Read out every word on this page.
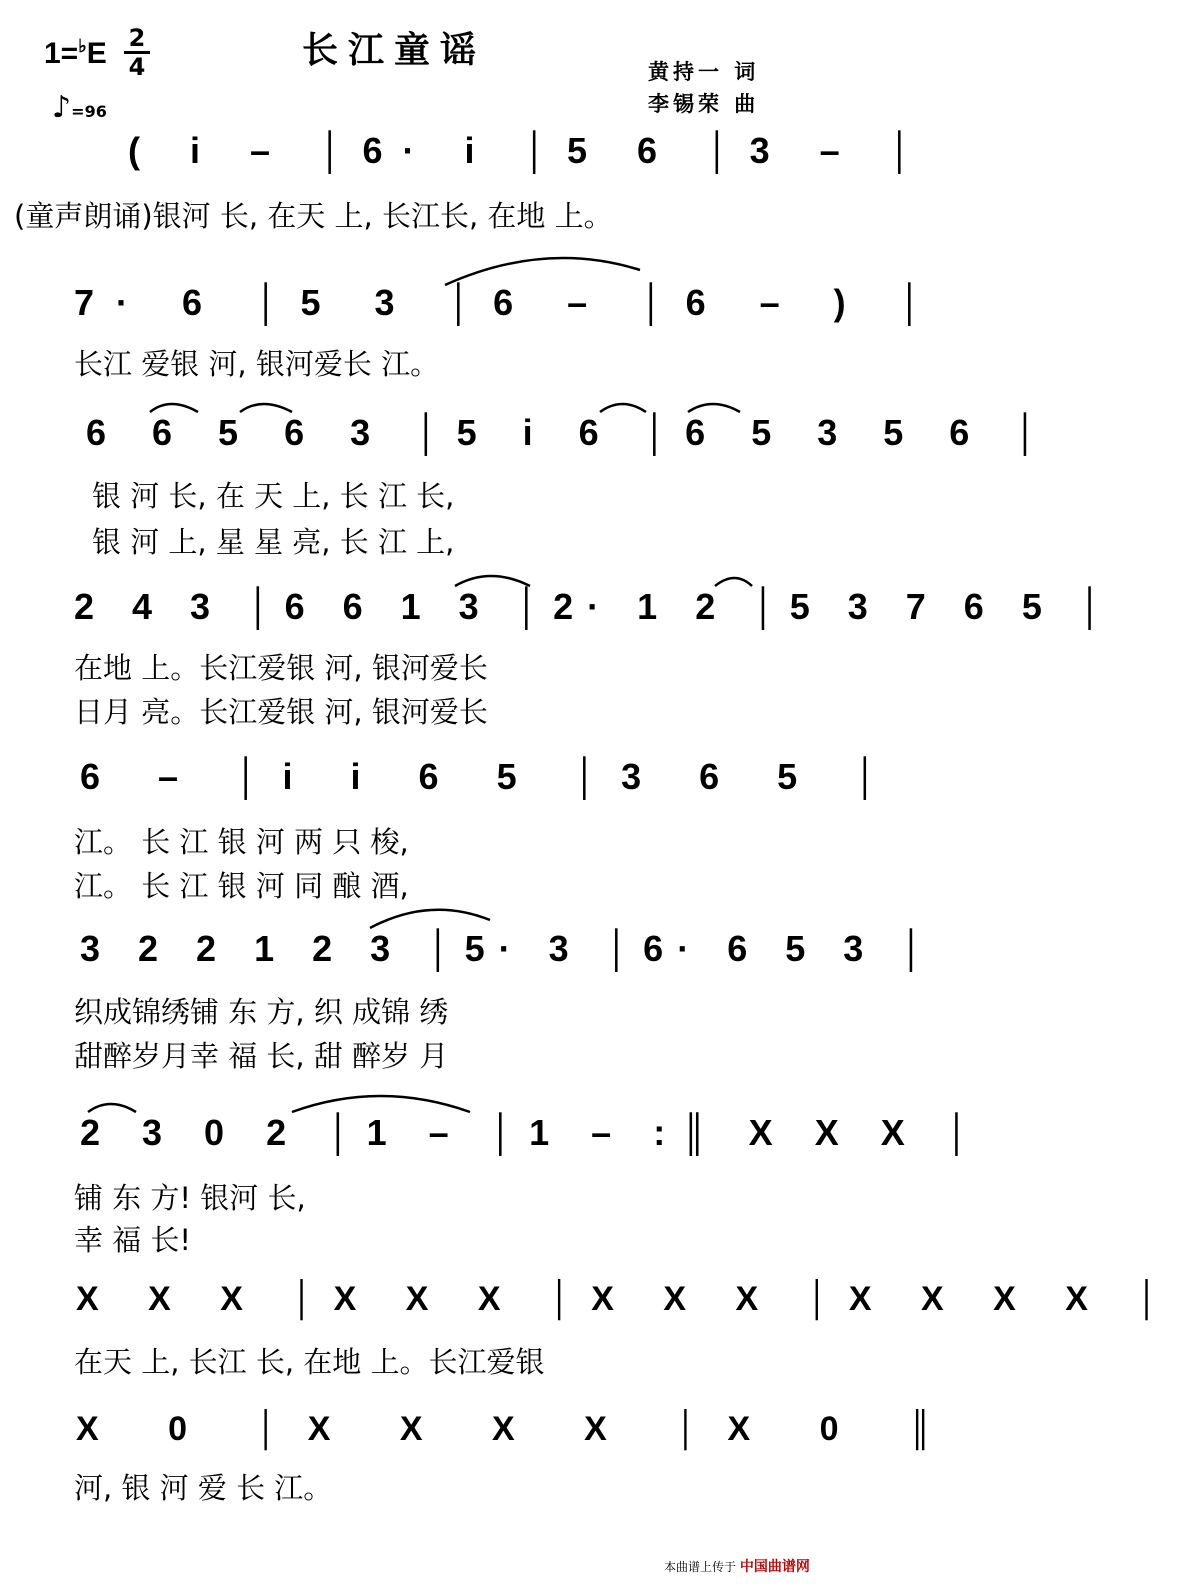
1=♭E 2
4
♪=96
长江童谣
黄持一 词
李锡荣 曲
( i – │6· i │5 6 │3 – │
(童声朗诵)银河 长, 在天 上, 长江长, 在地 上。
7· 6 │5 3 │6 – │6 – ) │
长江 爱银 河, 银河爱长 江。
6 6 5 6 3 │5 i 6 │6 5 3 5 6 │
银 河 长, 在 天 上, 长 江 长,
银 河 上, 星 星 亮, 长 江 上,
2 4 3 │6 6 1 3 │2· 1 2 │5 3 7 6 5 │
在地 上。长江爱银 河, 银河爱长
日月 亮。长江爱银 河, 银河爱长
6 – │i i 6 5 │3 6 5 │
江。 长 江 银 河 两 只 梭,
江。 长 江 银 河 同 酿 酒,
3 2 2 1 2 3 │5· 3 │6· 6 5 3 │
织成锦绣铺 东 方, 织 成锦 绣
甜醉岁月幸 福 长, 甜 醉岁 月
2 3 0 2 │1 – │1 – :║ X X X │
铺 东 方! 银河 长,
幸 福 长!
X X X │X X X │X X X │X X X X │
在天 上, 长江 长, 在地 上。长江爱银
X 0 │X X X X │X 0 ║
河, 银 河 爱 长 江。
本曲谱上传于 中国曲谱网
